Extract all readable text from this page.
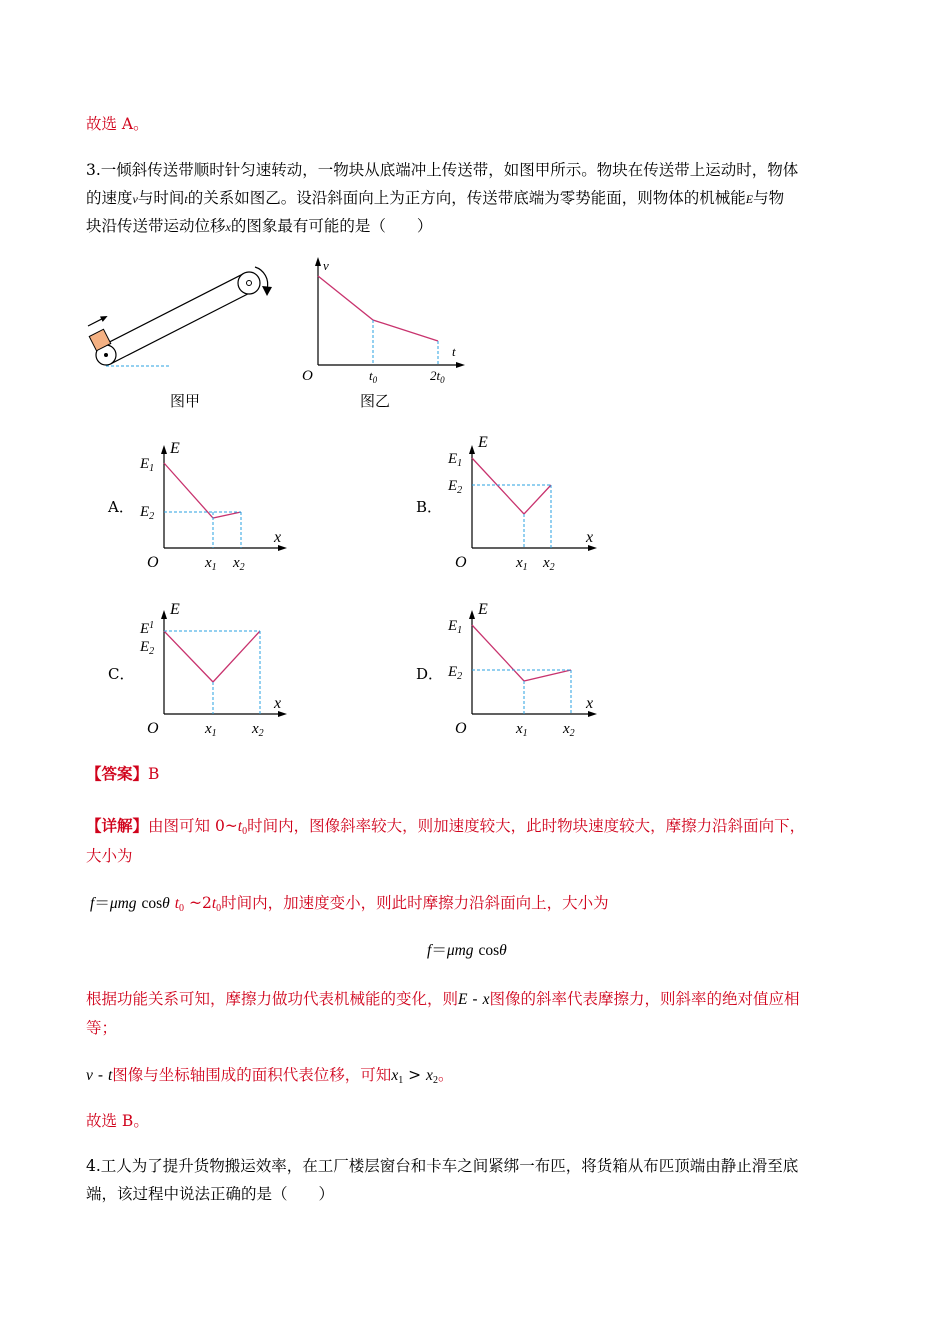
故选 A。
3.一倾斜传送带顺时针匀速转动，一物块从底端冲上传送带，如图甲所示。物块在传送带上运动时，物体
的速度v与时间t的关系如图乙。设沿斜面向上为正方向，传送带底端为零势能面，则物体的机械能E与物
块沿传送带运动位移x的图象最有可能的是（　　）
图甲
v
t
O	$t_0$	$2t_0$
图乙
A．
E
$E_1$
$E_2$
x
O	$x_1$ $x_2$
B．
E
$E_1$
$E_2$
x
O	$x_1$ $x_2$
C．
E
$E^1$
$E_2$
x
O	$x_1$ $x_2$
D．
E
$E_1$
$E_2$
x
O	$x_1$ $x_2$
【答案】B
【详解】由图可知 $0\sim t_0$时间内，图像斜率较大，则加速度较大，此时物块速度较大，摩擦力沿斜面向下，
大小为
f＝μmg cosθ $t_0$ $\sim 2t_0$时间内，加速度变小，则此时摩擦力沿斜面向上，大小为
f＝μmg cosθ
根据功能关系可知，摩擦力做功代表机械能的变化，则E - x图像的斜率代表摩擦力，则斜率的绝对值应相
等；
v - t图像与坐标轴围成的面积代表位移，可知$x_1 > x_2$。
故选 B。
4.工人为了提升货物搬运效率，在工厂楼层窗台和卡车之间紧绑一布匹，将货箱从布匹顶端由静止滑至底
端，该过程中说法正确的是（　　）
